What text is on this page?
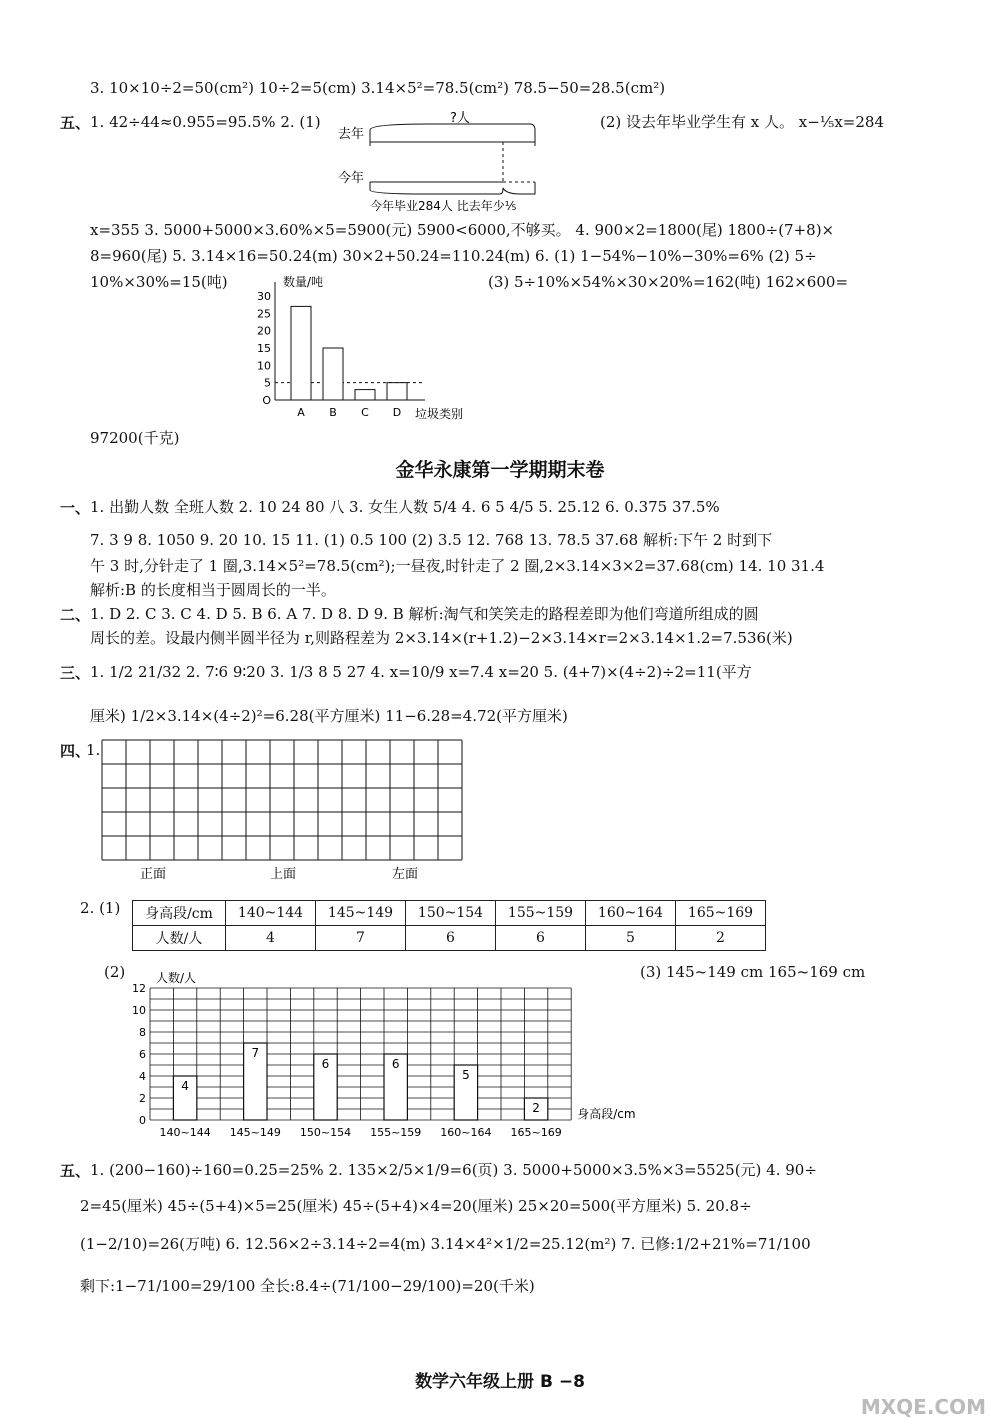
3. 10×10÷2=50(cm²) 10÷2=5(cm) 3.14×5²=78.5(cm²) 78.5−50=28.5(cm²)
五、 1. 42÷44≈0.955=95.5% 2. (1)	(2) 设去年毕业学生有 x 人。 x−⅕x=284
去年
?人
今年
今年毕业284人 比去年少⅕
x=355 3. 5000+5000×3.60%×5=5900(元) 5900<6000,不够买。 4. 900×2=1800(尾) 1800÷(7+8)×
8=960(尾) 5. 3.14×16=50.24(m) 30×2+50.24=110.24(m) 6. (1) 1−54%−10%−30%=6% (2) 5÷
10%×30%=15(吨)	(3) 5÷10%×54%×30×20%=162(吨) 162×600=
数量/吨
垃圾类别
30
25
20
15
10
5
O
A B C D
97200(千克)
金华永康第一学期期末卷
一、 1. 出勤人数 全班人数 2. 10 24 80 八 3. 女生人数 5/4 4. 6 5 4/5 5. 25.12 6. 0.375 37.5%
7. 3 9 8. 1050 9. 20 10. 15 11. (1) 0.5 100 (2) 3.5 12. 768 13. 78.5 37.68 解析:下午 2 时到下
午 3 时,分针走了 1 圈,3.14×5²=78.5(cm²);一昼夜,时针走了 2 圈,2×3.14×3×2=37.68(cm) 14. 10 31.4
解析:B 的长度相当于圆周长的一半。
二、 1. D 2. C 3. C 4. D 5. B 6. A 7. D 8. D 9. B 解析:淘气和笑笑走的路程差即为他们弯道所组成的圆
周长的差。设最内侧半圆半径为 r,则路程差为 2×3.14×(r+1.2)−2×3.14×r=2×3.14×1.2=7.536(米)
三、 1. 1/2 21/32 2. 7∶6 9∶20 3. 1/3 8 5 27 4. x=10/9 x=7.4 x=20 5. (4+7)×(4÷2)÷2=11(平方
厘米) 1/2×3.14×(4÷2)²=6.28(平方厘米) 11−6.28=4.72(平方厘米)
四、
1.
正面	上面	左面
2. (1) 身高段/cm	140~144	145~149	150~154	155~159	160~164	165~169
人数/人	4	7	6	6	5	2
(2)	(3) 145~149 cm 165~169 cm
人数/人
身高段/cm
12
10
8
6
4
2
0
4
140~144
7
145~149
6
150~154
6
155~159
5
160~164
2
165~169
五、 1. (200−160)÷160=0.25=25% 2. 135×2/5×1/9=6(页) 3. 5000+5000×3.5%×3=5525(元) 4. 90÷
2=45(厘米) 45÷(5+4)×5=25(厘米) 45÷(5+4)×4=20(厘米) 25×20=500(平方厘米) 5. 20.8÷
(1−2/10)=26(万吨) 6. 12.56×2÷3.14÷2=4(m) 3.14×4²×1/2=25.12(m²) 7. 已修:1/2+21%=71/100
剩下:1−71/100=29/100 全长:8.4÷(71/100−29/100)=20(千米)
数学六年级上册 B −8
MXQE.COM
